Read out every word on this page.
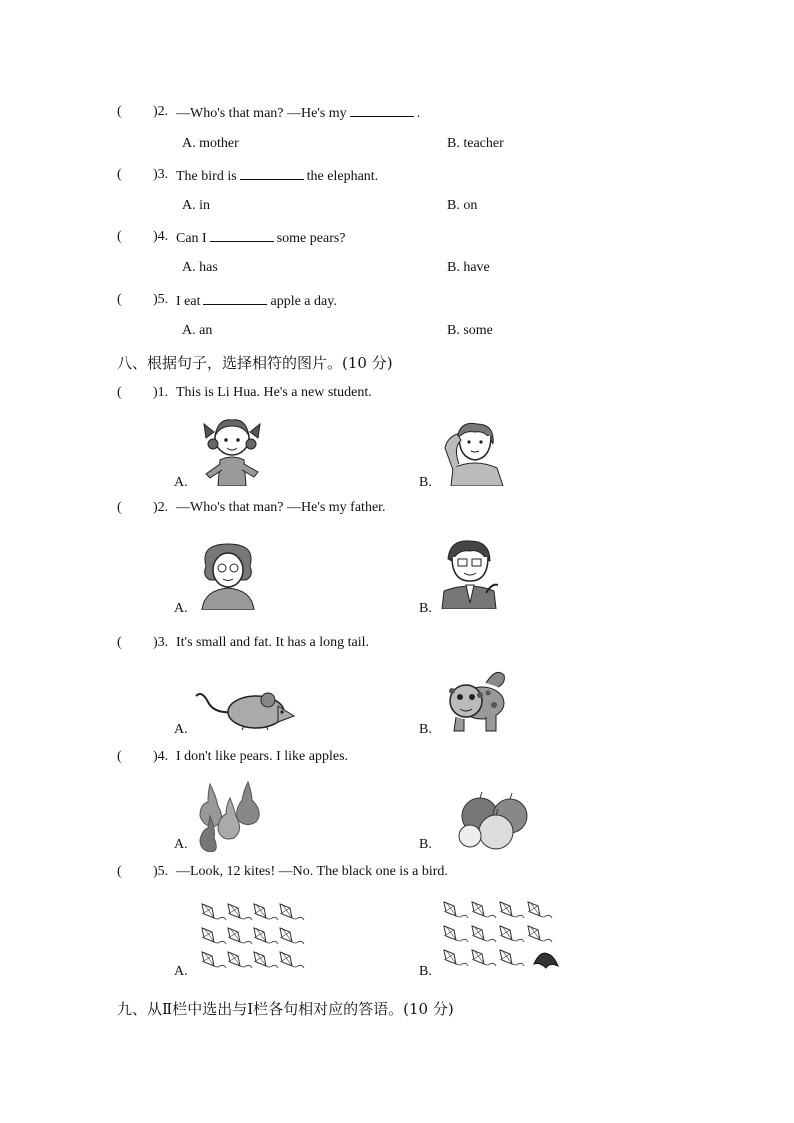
( )2. —Who's that man? —He's my	.
A. mother	B. teacher
( )3. The bird is	the elephant.
A. in	B. on
( )4. Can I	some pears?
A. has	B. have
( )5. I eat	apple a day.
A. an	B. some
八、根据句子，选择相符的图片。(10 分)
( )1. This is Li Hua. He's a new student.
A.	B.
( )2. —Who's that man? —He's my father.
A.	B.
( )3. It's small and fat. It has a long tail.
A.	B.
( )4. I don't like pears. I like apples.
A.	B.
( )5. —Look, 12 kites! —No. The black one is a bird.
A.	B.
九、从Ⅱ栏中选出与Ⅰ栏各句相对应的答语。(10 分)
